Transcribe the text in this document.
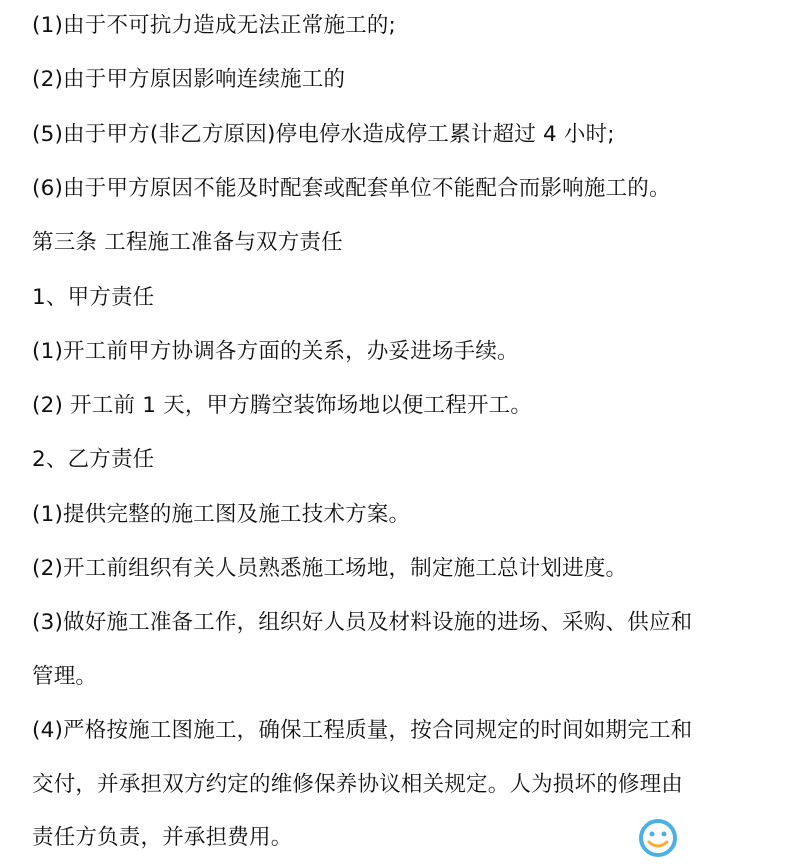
(1)由于不可抗力造成无法正常施工的;
(2)由于甲方原因影响连续施工的
(5)由于甲方(非乙方原因)停电停水造成停工累计超过 4 小时;
(6)由于甲方原因不能及时配套或配套单位不能配合而影响施工的。
第三条 工程施工准备与双方责任
1、甲方责任
(1)开工前甲方协调各方面的关系，办妥进场手续。
(2) 开工前 1 天，甲方腾空装饰场地以便工程开工。
2、乙方责任
(1)提供完整的施工图及施工技术方案。
(2)开工前组织有关人员熟悉施工场地，制定施工总计划进度。
(3)做好施工准备工作，组织好人员及材料设施的进场、采购、供应和
管理。
(4)严格按施工图施工，确保工程质量，按合同规定的时间如期完工和
交付，并承担双方约定的维修保养协议相关规定。人为损坏的修理由
责任方负责，并承担费用。
